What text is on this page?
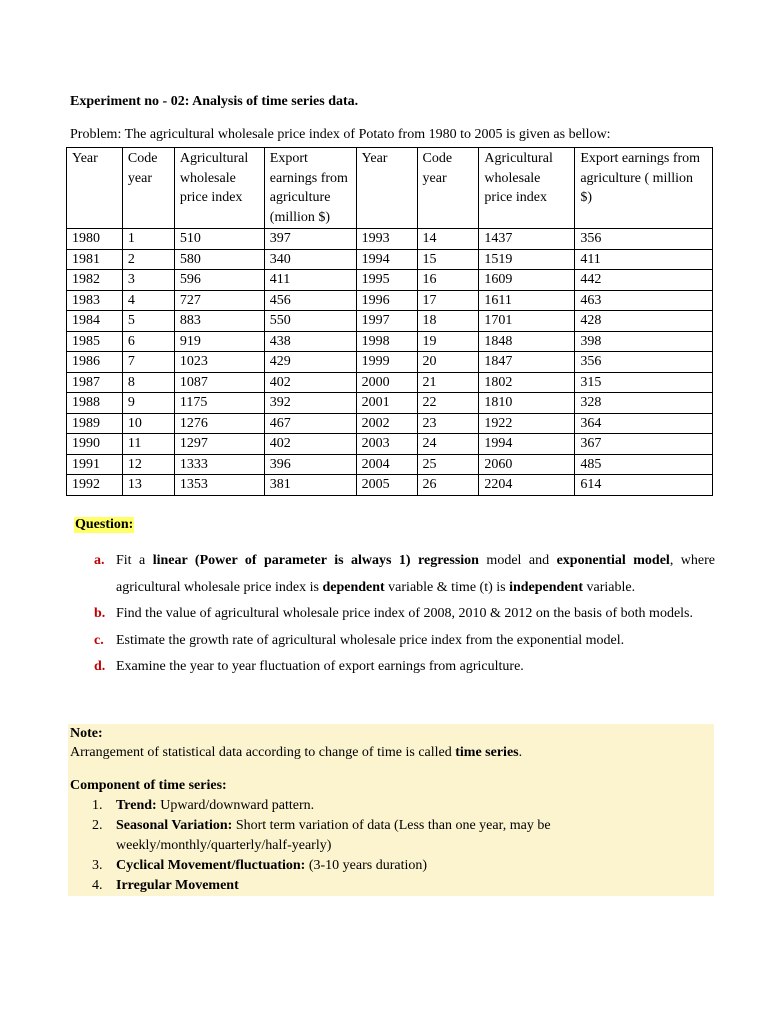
Experiment no - 02: Analysis of time series data.
Problem: The agricultural wholesale price index of Potato from 1980 to 2005 is given as bellow:
Year	Code year	Agricultural wholesale price index	Export earnings from agriculture (million $)	Year	Code year	Agricultural wholesale price index	Export earnings from agriculture ( million $)
1980	1	510	397	1993	14	1437	356
1981	2	580	340	1994	15	1519	411
1982	3	596	411	1995	16	1609	442
1983	4	727	456	1996	17	1611	463
1984	5	883	550	1997	18	1701	428
1985	6	919	438	1998	19	1848	398
1986	7	1023	429	1999	20	1847	356
1987	8	1087	402	2000	21	1802	315
1988	9	1175	392	2001	22	1810	328
1989	10	1276	467	2002	23	1922	364
1990	11	1297	402	2003	24	1994	367
1991	12	1333	396	2004	25	2060	485
1992	13	1353	381	2005	26	2204	614
Question:
a. Fit a linear (Power of parameter is always 1) regression model and exponential model, where agricultural wholesale price index is dependent variable & time (t) is independent variable.
b. Find the value of agricultural wholesale price index of 2008, 2010 & 2012 on the basis of both models.
c. Estimate the growth rate of agricultural wholesale price index from the exponential model.
d. Examine the year to year fluctuation of export earnings from agriculture.
Note:
Arrangement of statistical data according to change of time is called time series.
Component of time series:
1. Trend: Upward/downward pattern.
2. Seasonal Variation: Short term variation of data (Less than one year, may be weekly/monthly/quarterly/half-yearly)
3. Cyclical Movement/fluctuation: (3-10 years duration)
4. Irregular Movement
